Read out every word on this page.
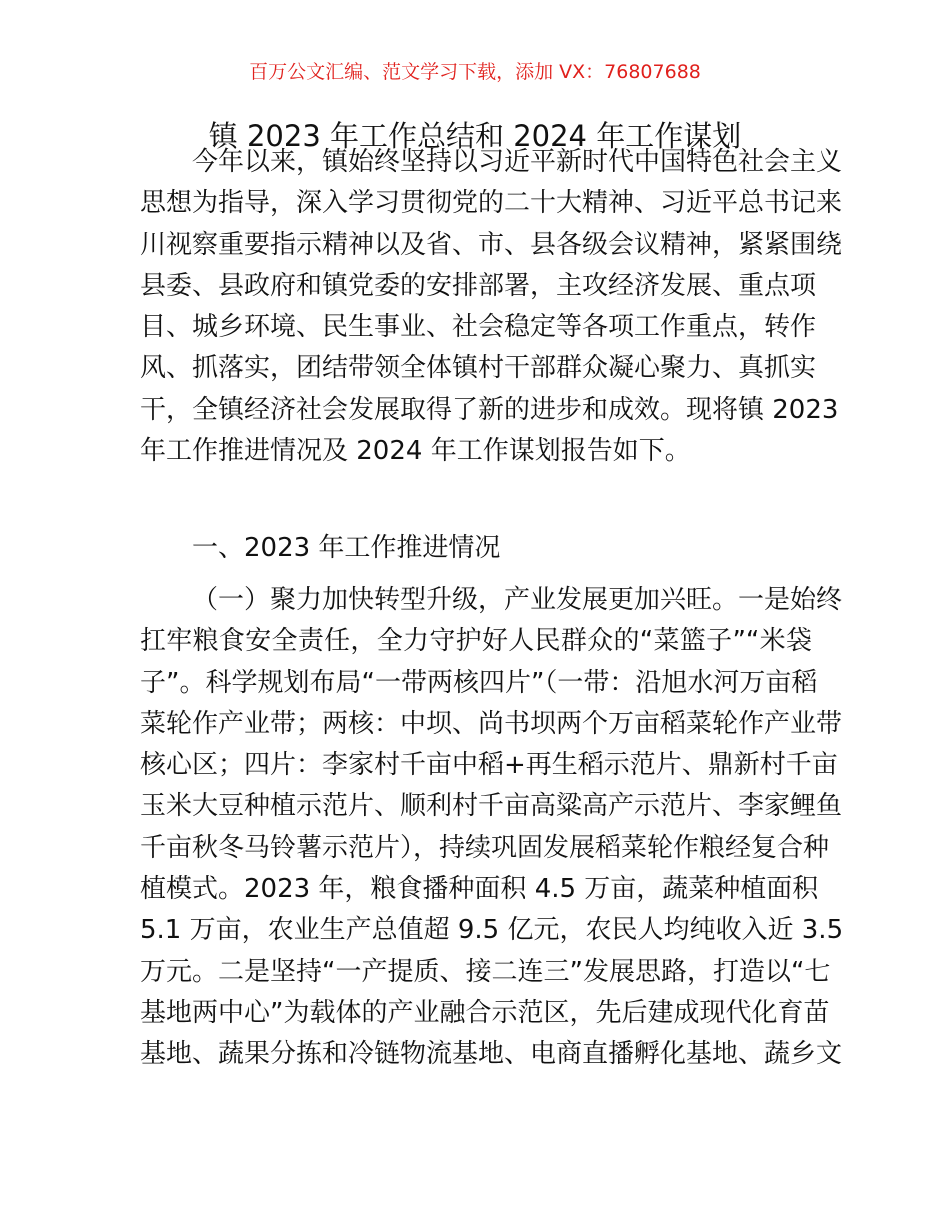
百万公文汇编、范文学习下载，添加 VX：76807688
镇 2023 年工作总结和 2024 年工作谋划
今年以来，镇始终坚持以习近平新时代中国特色社会主义
思想为指导，深入学习贯彻党的二十大精神、习近平总书记来
川视察重要指示精神以及省、市、县各级会议精神，紧紧围绕
县委、县政府和镇党委的安排部署，主攻经济发展、重点项
目、城乡环境、民生事业、社会稳定等各项工作重点，转作
风、抓落实，团结带领全体镇村干部群众凝心聚力、真抓实
干，全镇经济社会发展取得了新的进步和成效。现将镇 2023
年工作推进情况及 2024 年工作谋划报告如下。
一、2023 年工作推进情况
（一）聚力加快转型升级，产业发展更加兴旺。一是始终
扛牢粮食安全责任，全力守护好人民群众的“菜篮子”“米袋
子”。科学规划布局“一带两核四片”（一带：沿旭水河万亩稻
菜轮作产业带；两核：中坝、尚书坝两个万亩稻菜轮作产业带
核心区；四片：李家村千亩中稻+再生稻示范片、鼎新村千亩
玉米大豆种植示范片、顺利村千亩高粱高产示范片、李家鲤鱼
千亩秋冬马铃薯示范片），持续巩固发展稻菜轮作粮经复合种
植模式。2023 年，粮食播种面积 4.5 万亩，蔬菜种植面积
5.1 万亩，农业生产总值超 9.5 亿元，农民人均纯收入近 3.5
万元。二是坚持“一产提质、接二连三”发展思路，打造以“七
基地两中心”为载体的产业融合示范区，先后建成现代化育苗
基地、蔬果分拣和冷链物流基地、电商直播孵化基地、蔬乡文
